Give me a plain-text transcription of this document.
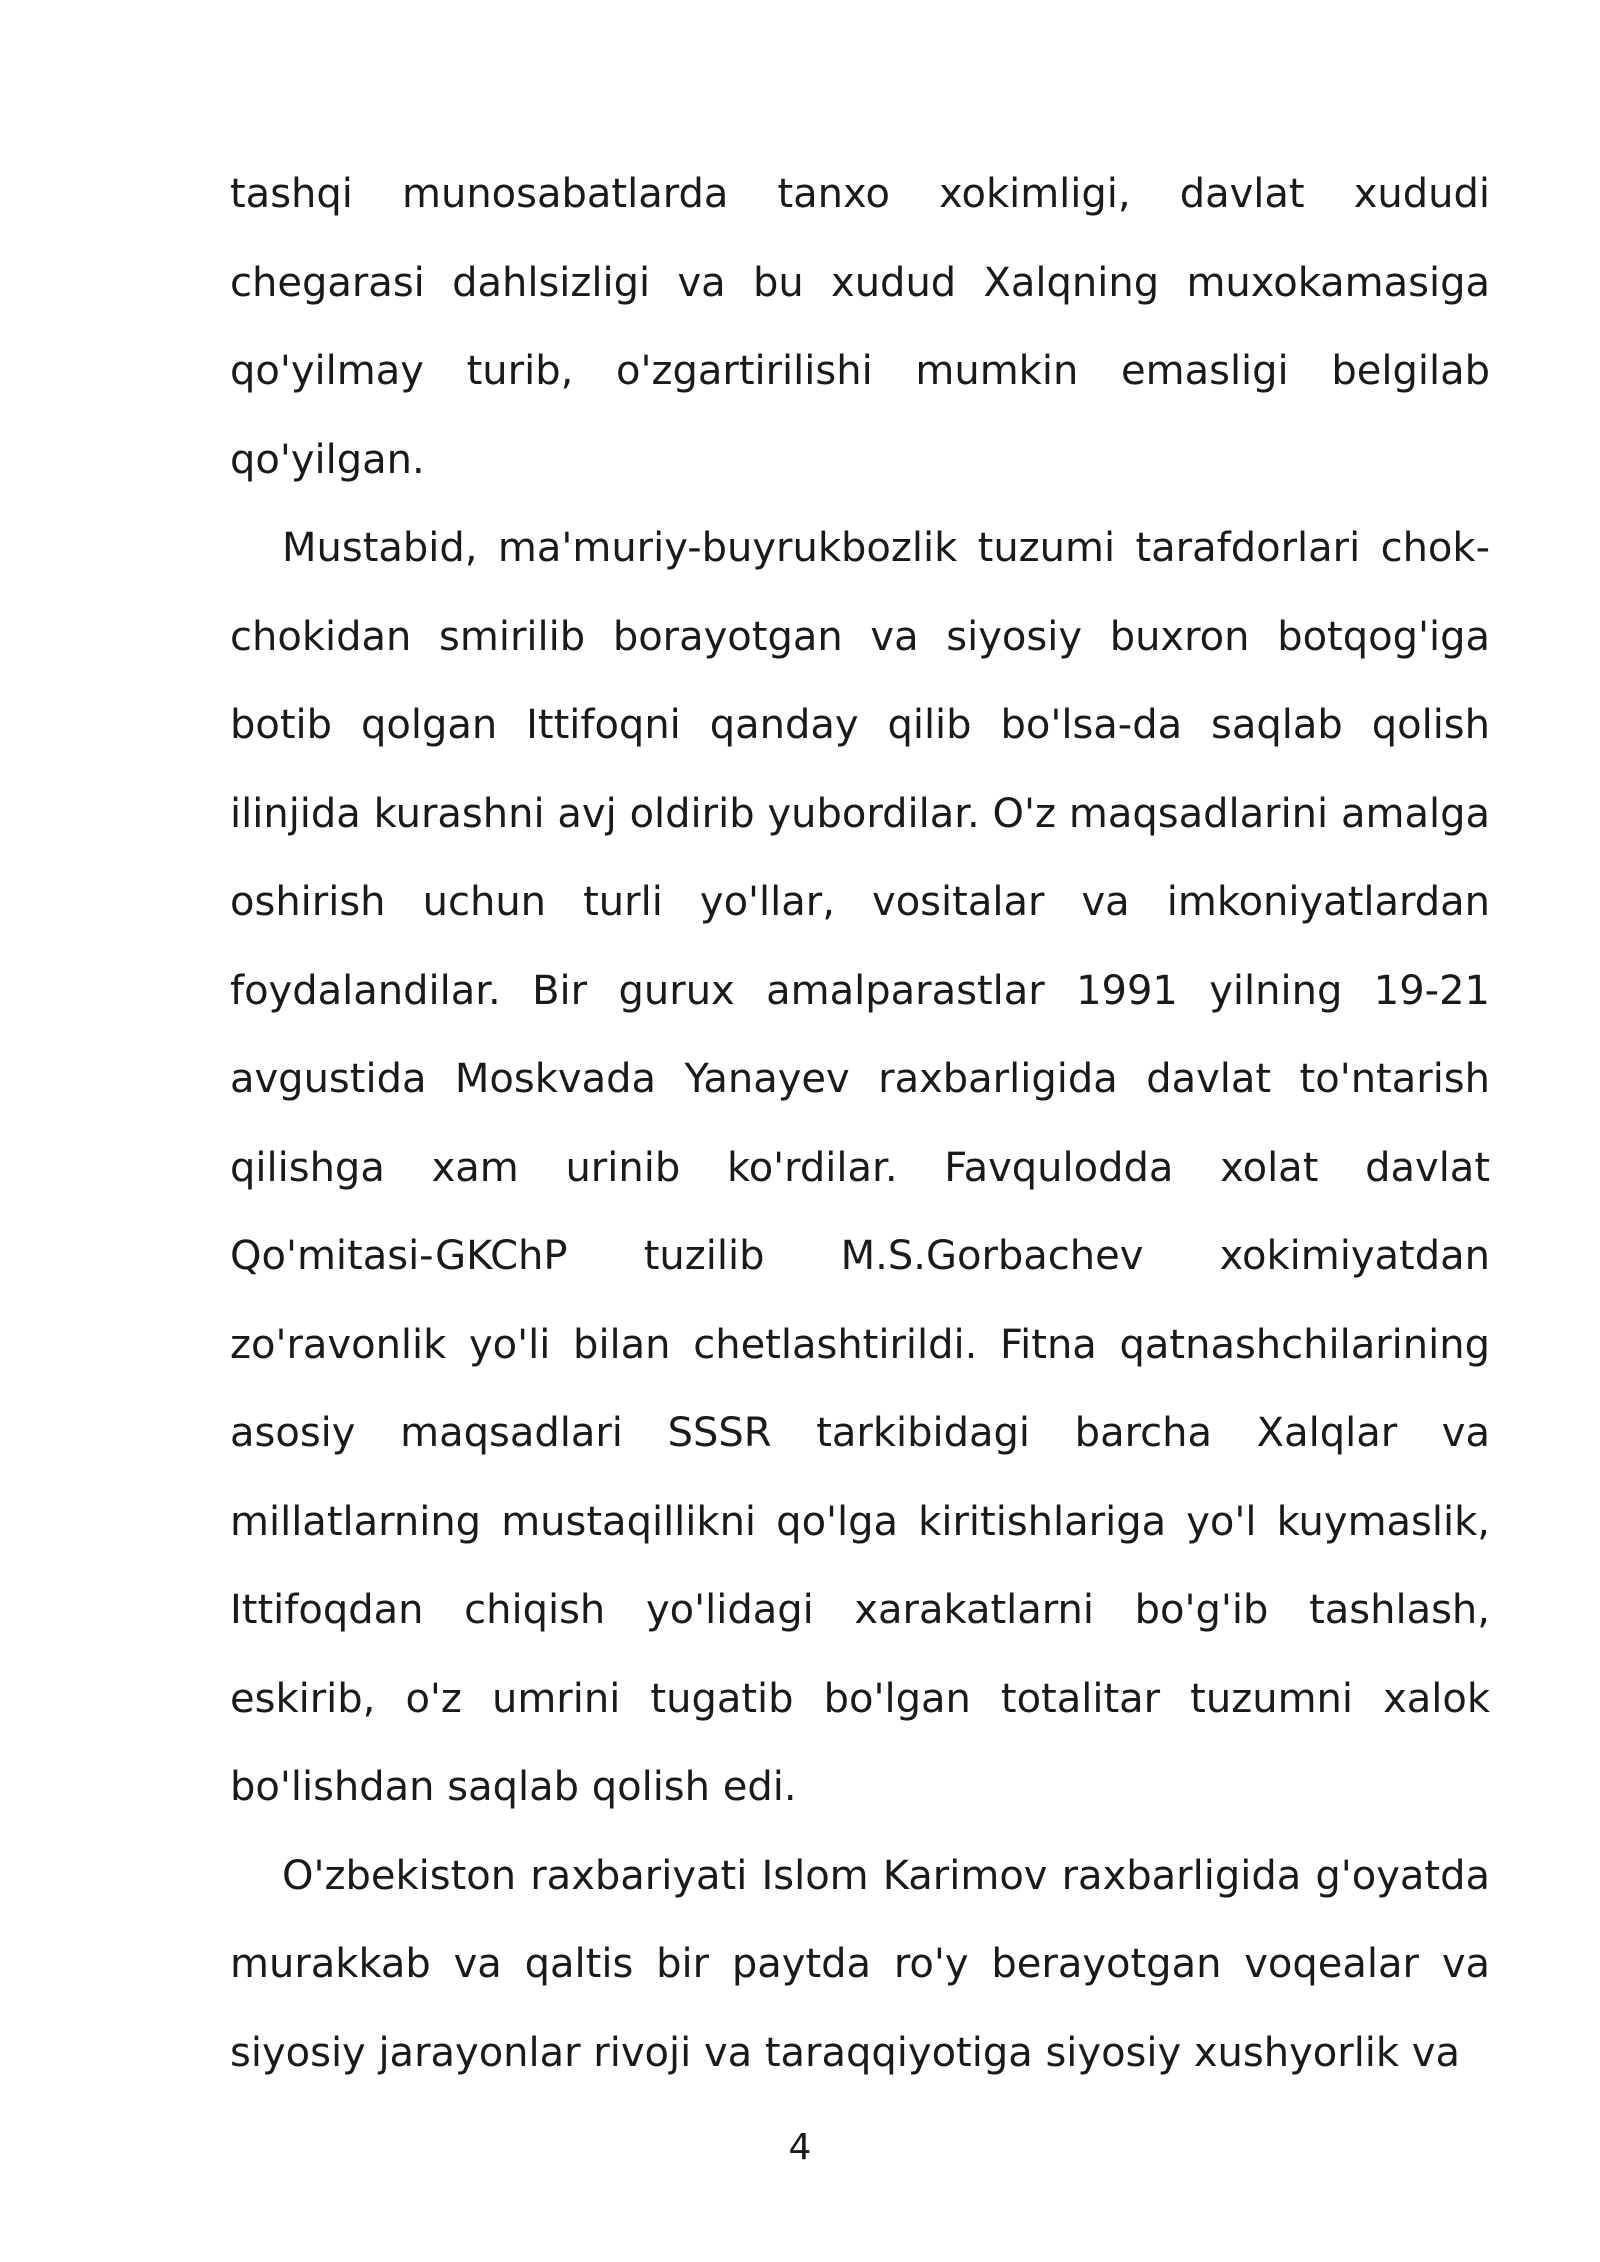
tashqi munosabatlarda tanxo xokimligi, davlat xududi chegarasi dahlsizligi va bu xudud Xalqning muxokamasiga qo'yilmay turib, o'zgartirilishi mumkin emasligi belgilab qo'yilgan.

Mustabid, ma'muriy-buyrukbozlik tuzumi tarafdorlari chok-chokidan smirilib borayotgan va siyosiy buxron botqog'iga botib qolgan Ittifoqni qanday qilib bo'lsa-da saqlab qolish ilinjida kurashni avj oldirib yubordilar. O'z maqsadlarini amalga oshirish uchun turli yo'llar, vositalar va imkoniyatlardan foydalandilar. Bir gurux amalparastlar 1991 yilning 19-21 avgustida Moskvada Yanayev raxbarligida davlat to'ntarish qilishga xam urinib ko'rdilar. Favqulodda xolat davlat Qo'mitasi-GKChP tuzilib M.S.Gorbachev xokimiyatdan zo'ravonlik yo'li bilan chetlashtirildi. Fitna qatnashchilarining asosiy maqsadlari SSSR tarkibidagi barcha Xalqlar va millatlarning mustaqillikni qo'lga kiritishlariga yo'l kuymaslik, Ittifoqdan chiqish yo'lidagi xarakatlarni bo'g'ib tashlash, eskirib, o'z umrini tugatib bo'lgan totalitar tuzumni xalok bo'lishdan saqlab qolish edi.

O'zbekiston raxbariyati Islom Karimov raxbarligida g'oyatda murakkab va qaltis bir paytda ro'y berayotgan voqealar va siyosiy jarayonlar rivoji va taraqqiyotiga siyosiy xushyorlik va

4
